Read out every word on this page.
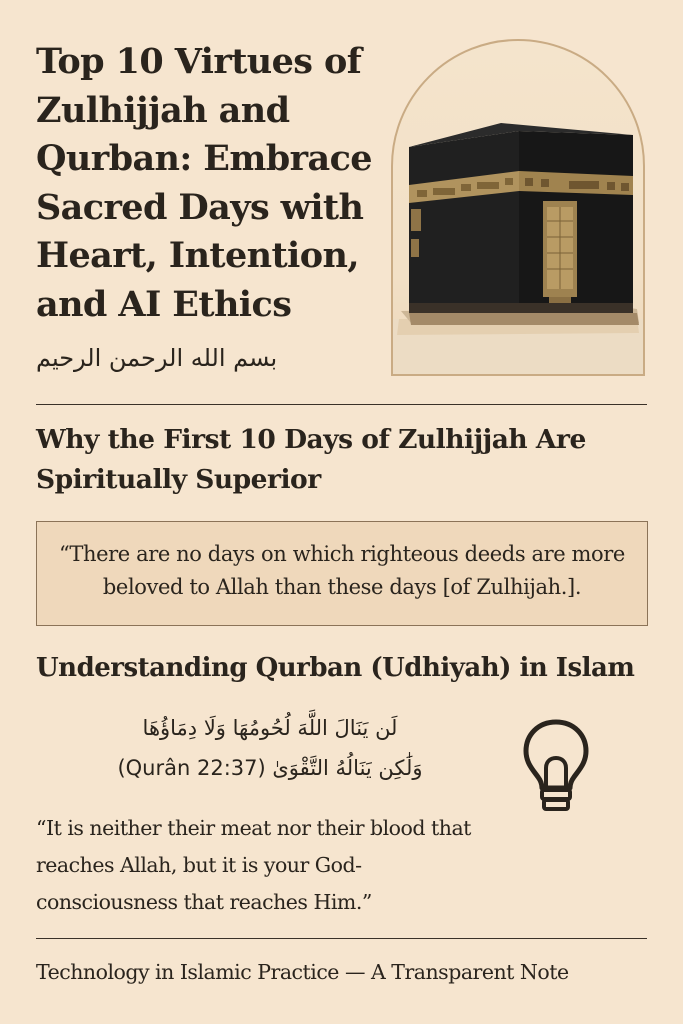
Top 10 Virtues of Zulhijjah and Qurban: Embrace Sacred Days with Heart, Intention, and AI Ethics
بسم الله الرحمن الرحيم
Why the First 10 Days of Zulhijjah Are Spiritually Superior
“There are no days on which righteous deeds are more beloved to Allah than these days [of Zulhijah.].
Understanding Qurban (Udhiyah) in Islam
لَن يَنَالَ اللَّهَ لُحُومُهَا وَلَا دِمَاؤُهَا
وَلَٰكِن يَنَالُهُ التَّقْوَىٰ (Qurân 22:37)

“It is neither their meat nor their blood that reaches Allah, but it is your God-consciousness that reaches Him.”

Technology in Islamic Practice — A Transparent Note
